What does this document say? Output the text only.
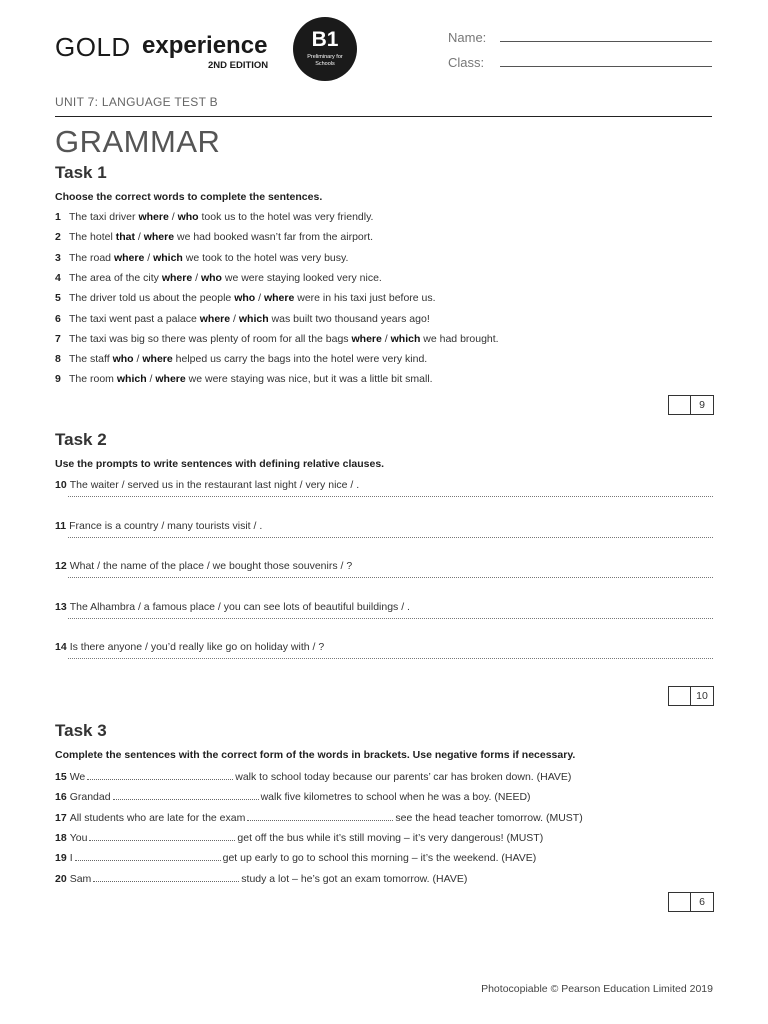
GOLD experience
2ND EDITION
B1
Preliminary for Schools
Name:
Class:
UNIT 7: LANGUAGE TEST B
GRAMMAR
Task 1
Choose the correct words to complete the sentences.
1 The taxi driver where / who took us to the hotel was very friendly.
2 The hotel that / where we had booked wasn’t far from the airport.
3 The road where / which we took to the hotel was very busy.
4 The area of the city where / who we were staying looked very nice.
5 The driver told us about the people who / where were in his taxi just before us.
6 The taxi went past a palace where / which was built two thousand years ago!
7 The taxi was big so there was plenty of room for all the bags where / which we had brought.
8 The staff who / where helped us carry the bags into the hotel were very kind.
9 The room which / where we were staying was nice, but it was a little bit small.
9
Task 2
Use the prompts to write sentences with defining relative clauses.
10 The waiter / served us in the restaurant last night / very nice / .
11 France is a country / many tourists visit / .
12 What / the name of the place / we bought those souvenirs / ?
13 The Alhambra / a famous place / you can see lots of beautiful buildings / .
14 Is there anyone / you’d really like go on holiday with / ?
10
Task 3
Complete the sentences with the correct form of the words in brackets. Use negative forms if necessary.
15 We	walk to school today because our parents’ car has broken down. (HAVE)
16 Grandad	walk five kilometres to school when he was a boy. (NEED)
17 All students who are late for the exam	see the head teacher tomorrow. (MUST)
18 You	get off the bus while it’s still moving – it’s very dangerous! (MUST)
19 I	get up early to go to school this morning – it’s the weekend. (HAVE)
20 Sam	study a lot – he’s got an exam tomorrow. (HAVE)
6
Photocopiable © Pearson Education Limited 2019
